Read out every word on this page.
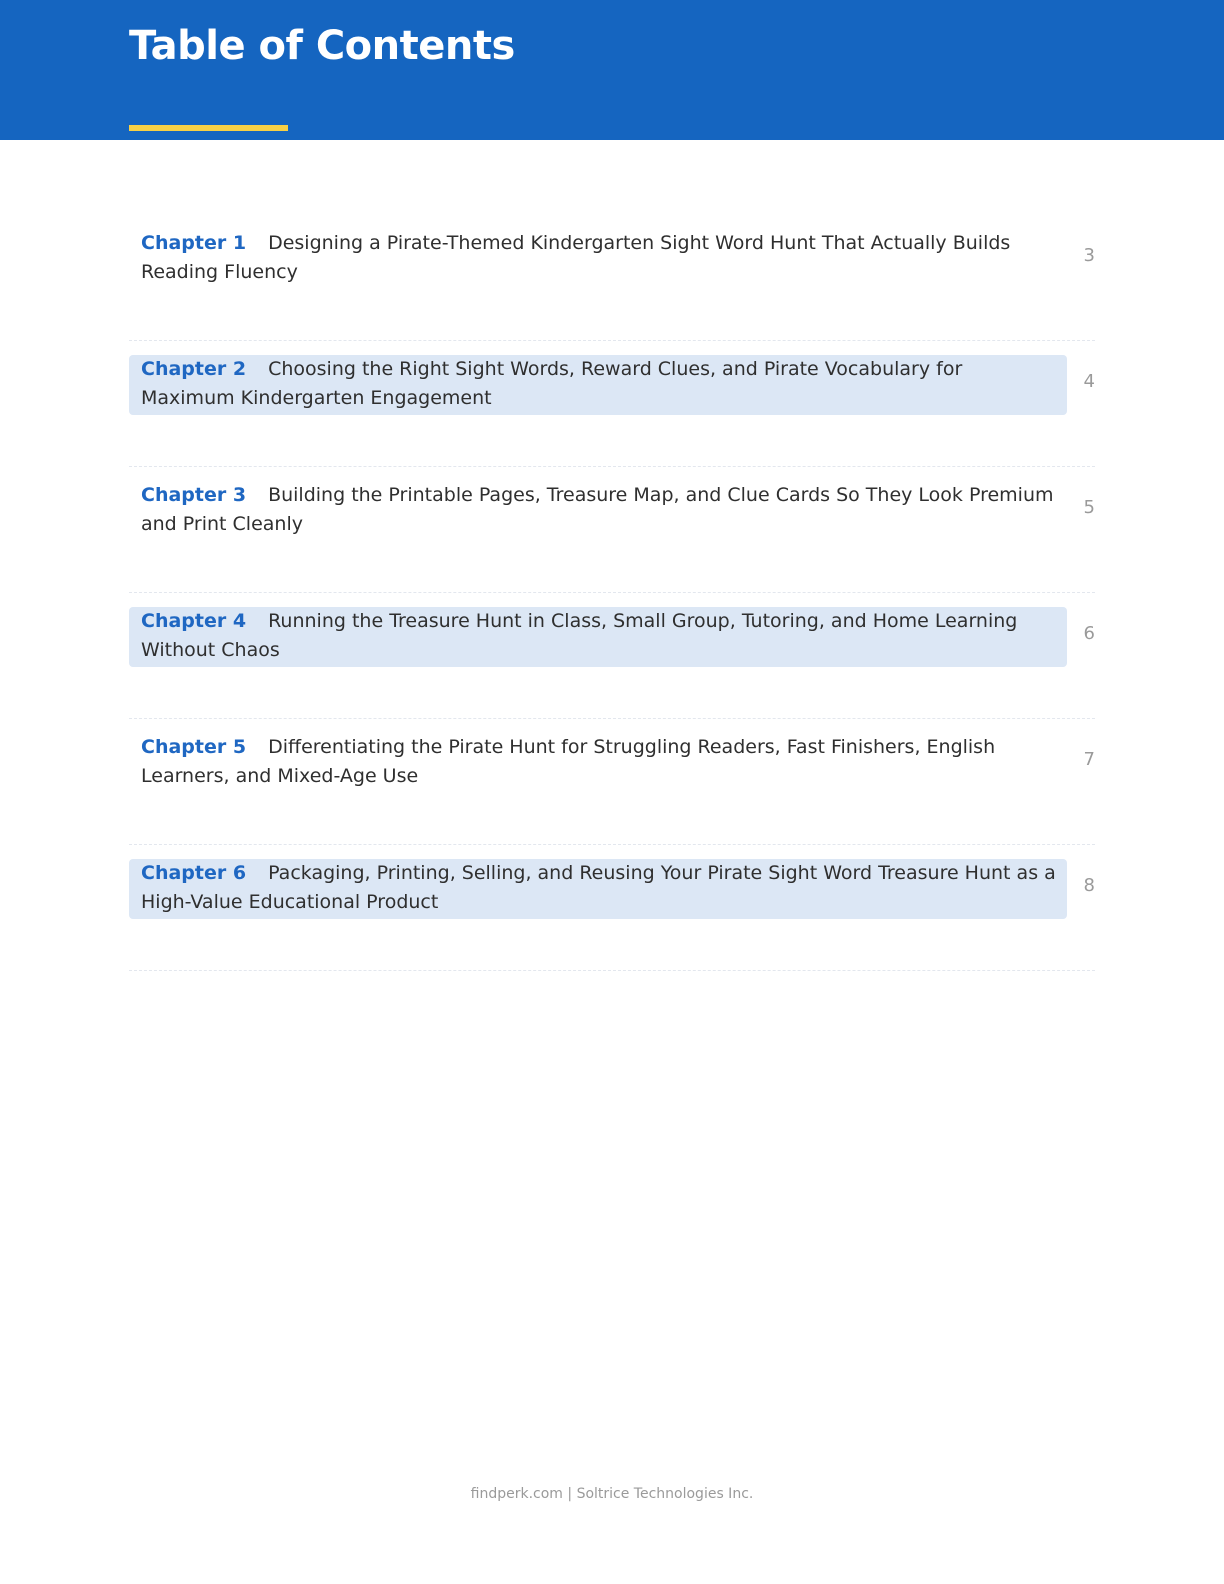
Table of Contents
Chapter 1 Designing a Pirate-Themed Kindergarten Sight Word Hunt That Actually Builds Reading Fluency
3
Chapter 2 Choosing the Right Sight Words, Reward Clues, and Pirate Vocabulary for Maximum Kindergarten Engagement
4
Chapter 3 Building the Printable Pages, Treasure Map, and Clue Cards So They Look Premium and Print Cleanly
5
Chapter 4 Running the Treasure Hunt in Class, Small Group, Tutoring, and Home Learning Without Chaos
6
Chapter 5 Differentiating the Pirate Hunt for Struggling Readers, Fast Finishers, English Learners, and Mixed-Age Use
7
Chapter 6 Packaging, Printing, Selling, and Reusing Your Pirate Sight Word Treasure Hunt as a High-Value Educational Product
8
findperk.com | Soltrice Technologies Inc.
